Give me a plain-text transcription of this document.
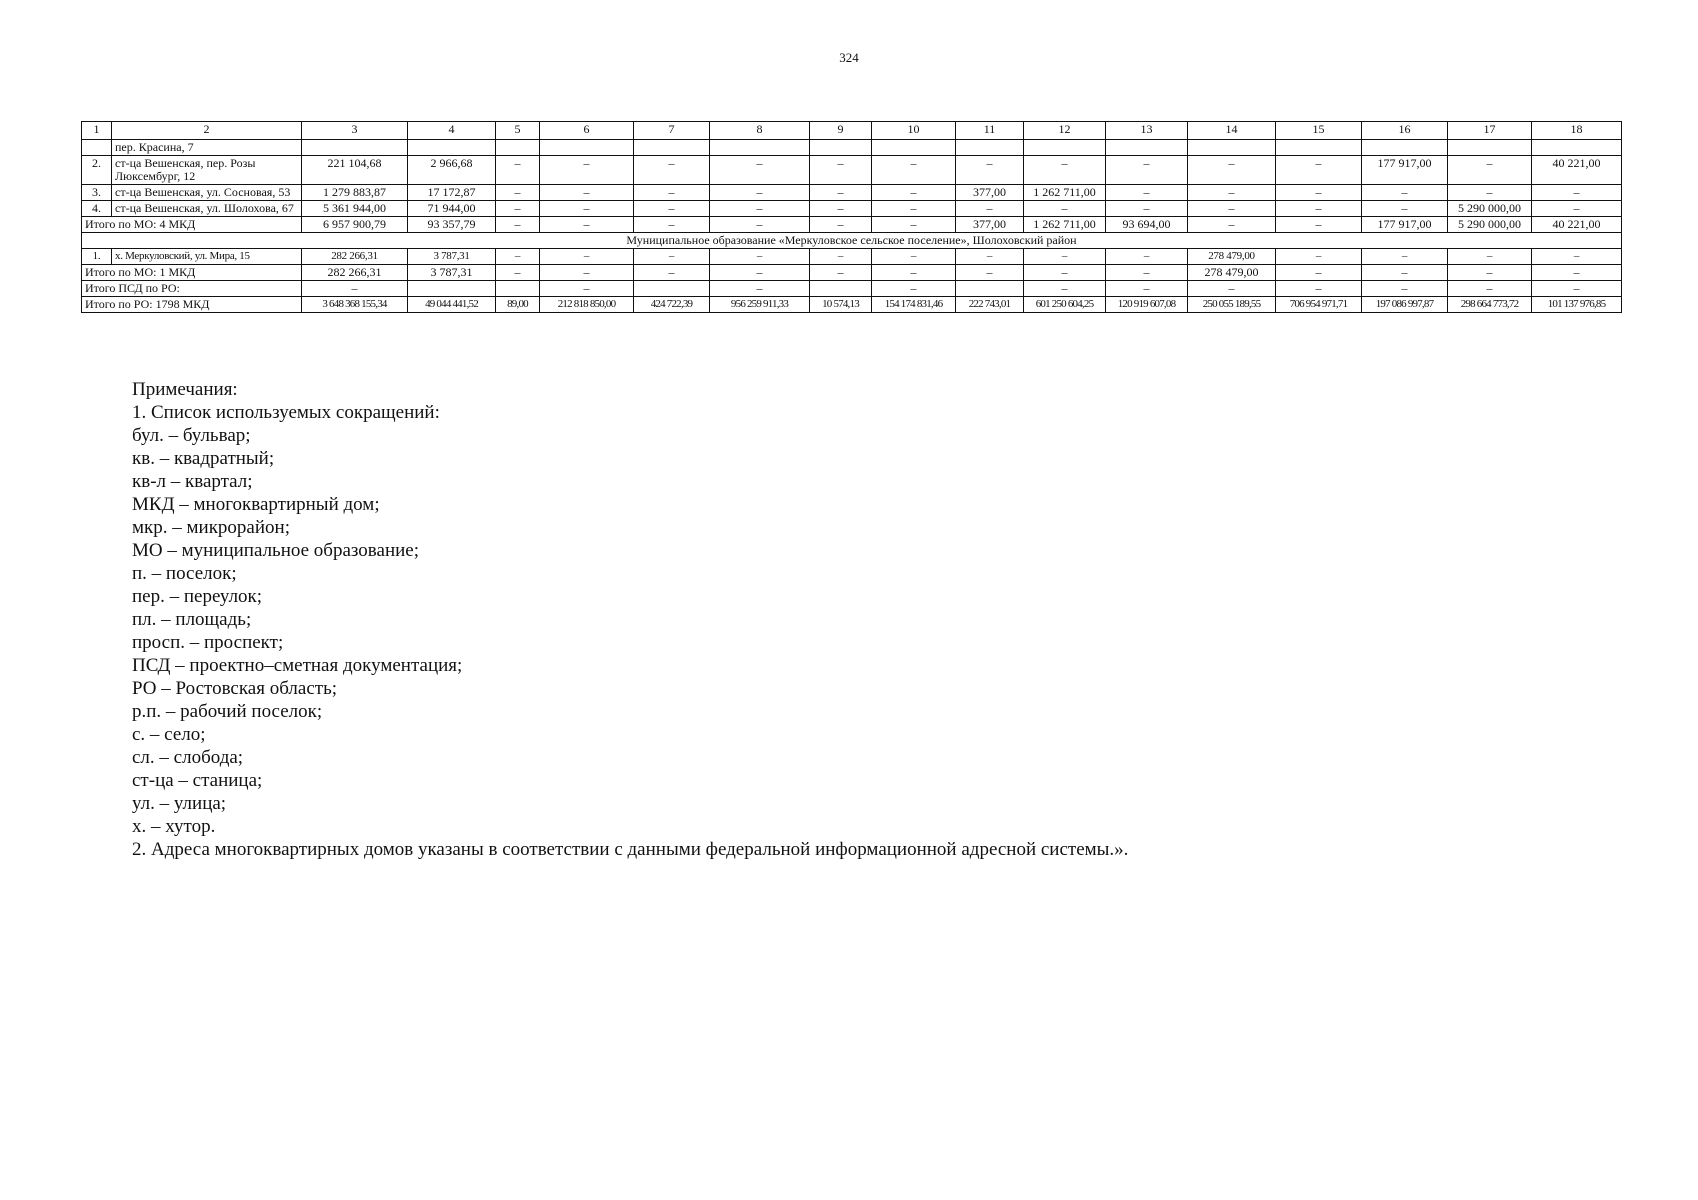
324
1	2	3	4	5	6	7	8	9	10	11	12	13	14	15	16	17	18
	пер. Красина, 7																
2.	ст-ца Вешенская, пер. Розы Люксембург, 12	221 104,68	2 966,68	–	–	–	–	–	–	–	–	–	–	–	177 917,00	–	40 221,00
3.	ст-ца Вешенская, ул. Сосновая, 53	1 279 883,87	17 172,87	–	–	–	–	–	–	377,00	1 262 711,00	–	–	–	–	–	–
4.	ст-ца Вешенская, ул. Шолохова, 67	5 361 944,00	71 944,00	–	–	–	–	–	–	–	–	–	–	–	–	5 290 000,00	–
Итого по МО: 4 МКД		6 957 900,79	93 357,79	–	–	–	–	–	–	377,00	1 262 711,00	93 694,00	–	–	177 917,00	5 290 000,00	40 221,00
Муниципальное образование «Меркуловское сельское поселение», Шолоховский район																	
1.	х. Меркуловский, ул. Мира, 15	282 266,31	3 787,31	–	–	–	–	–	–	–	–	–	278 479,00	–	–	–	–
Итого по МО: 1 МКД		282 266,31	3 787,31	–	–	–	–	–	–	–	–	–	278 479,00	–	–	–	–
Итого ПСД по РО:		–			–		–		–		–	–	–	–	–	–	–
Итого по РО: 1798 МКД		3 648 368 155,34	49 044 441,52	89,00	212 818 850,00	424 722,39	956 259 911,33	10 574,13	154 174 831,46	222 743,01	601 250 604,25	120 919 607,08	250 055 189,55	706 954 971,71	197 086 997,87	298 664 773,72	101 137 976,85
Примечания:
1. Список используемых сокращений:
бул. – бульвар;
кв. – квадратный;
кв-л – квартал;
МКД – многоквартирный дом;
мкр. – микрорайон;
МО – муниципальное образование;
п. – поселок;
пер. – переулок;
пл. – площадь;
просп. – проспект;
ПСД – проектно–сметная документация;
РО – Ростовская область;
р.п. – рабочий поселок;
с. – село;
сл. – слобода;
ст-ца – станица;
ул. – улица;
х. – хутор.
2. Адреса многоквартирных домов указаны в соответствии с данными федеральной информационной адресной системы.».
